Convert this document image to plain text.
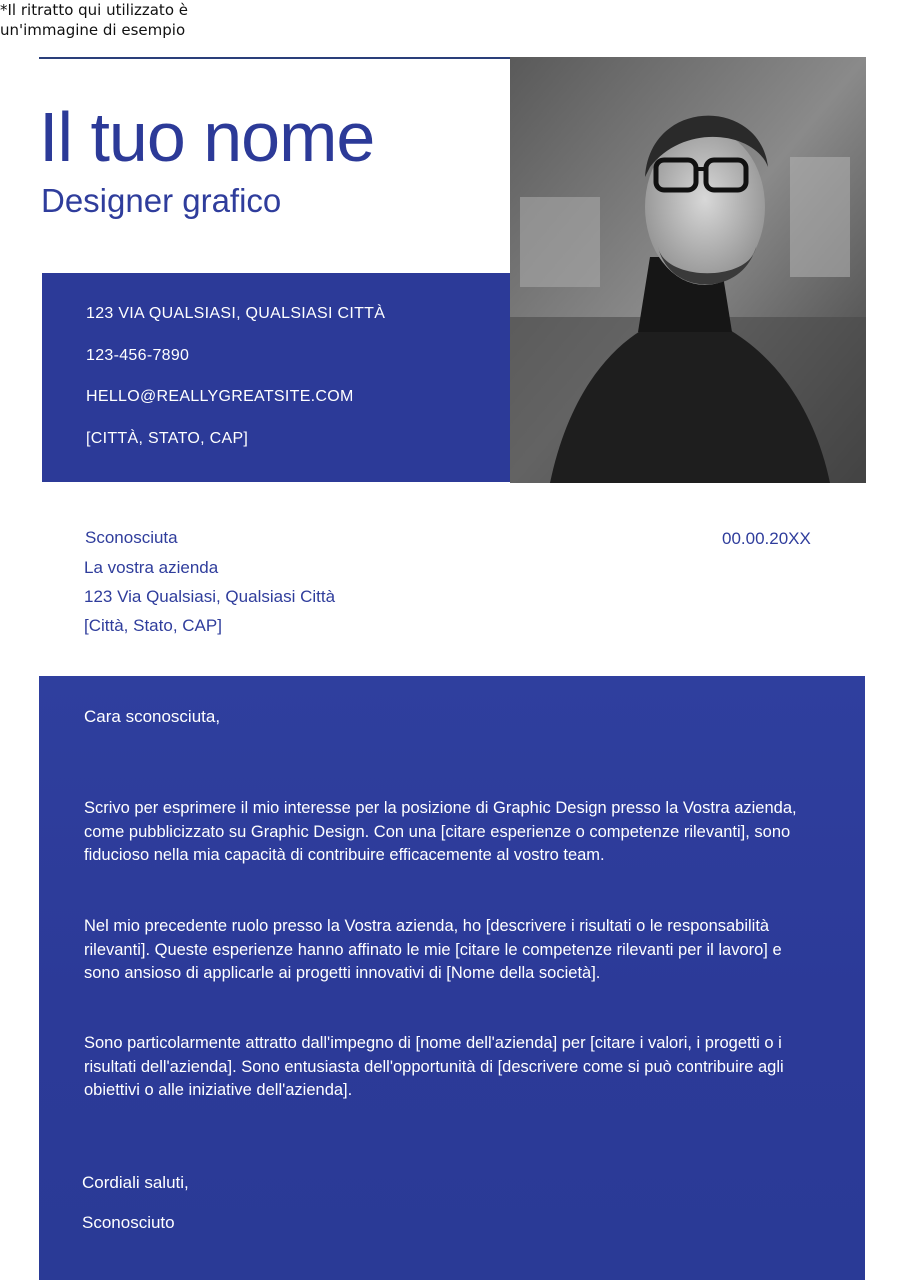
*Il ritratto qui utilizzato è un'immagine di esempio
Il tuo nome
Designer grafico
123 VIA QUALSIASI, QUALSIASI CITTÀ
123-456-7890
HELLO@REALLYGREATSITE.COM
[CITTÀ, STATO, CAP]
Sconosciuta
La vostra azienda
123 Via Qualsiasi, Qualsiasi Città
[Città, Stato, CAP]
00.00.20XX
Cara sconosciuta,

Scrivo per esprimere il mio interesse per la posizione di Graphic Design presso la Vostra azienda, come pubblicizzato su Graphic Design. Con una [citare esperienze o competenze rilevanti], sono fiducioso nella mia capacità di contribuire efficacemente al vostro team.

Nel mio precedente ruolo presso la Vostra azienda, ho [descrivere i risultati o le responsabilità rilevanti]. Queste esperienze hanno affinato le mie [citare le competenze rilevanti per il lavoro] e sono ansioso di applicarle ai progetti innovativi di [Nome della società].

Sono particolarmente attratto dall'impegno di [nome dell'azienda] per [citare i valori, i progetti o i risultati dell'azienda]. Sono entusiasta dell'opportunità di [descrivere come si può contribuire agli obiettivi o alle iniziative dell'azienda].

Cordiali saluti,
Sconosciuto
